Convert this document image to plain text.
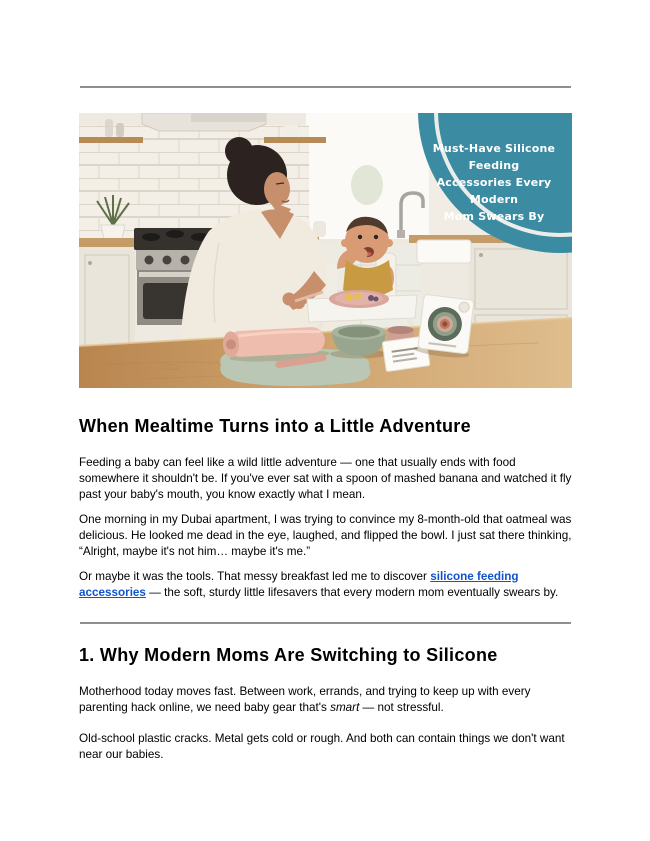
Must-Have Silicone Feeding
Accessories Every Modern
Mom Swears By
When Mealtime Turns into a Little Adventure

Feeding a baby can feel like a wild little adventure — one that usually ends with food somewhere it shouldn't be. If you've ever sat with a spoon of mashed banana and watched it fly past your baby's mouth, you know exactly what I mean.

One morning in my Dubai apartment, I was trying to convince my 8-month-old that oatmeal was delicious. He looked me dead in the eye, laughed, and flipped the bowl. I just sat there thinking, “Alright, maybe it's not him… maybe it's me.”

Or maybe it was the tools. That messy breakfast led me to discover silicone feeding accessories — the soft, sturdy little lifesavers that every modern mom eventually swears by.

1. Why Modern Moms Are Switching to Silicone

Motherhood today moves fast. Between work, errands, and trying to keep up with every parenting hack online, we need baby gear that's smart — not stressful.

Old-school plastic cracks. Metal gets cold or rough. And both can contain things we don't want near our babies.
